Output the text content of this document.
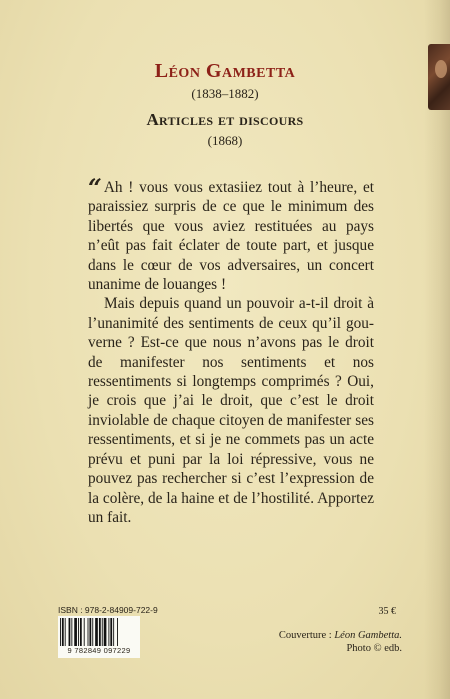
Léon Gambetta
(1838–1882)
Articles et discours
(1868)

“ Ah ! vous vous extasiiez tout à l’heure, et paraissiez surpris de ce que le minimum des libertés que vous aviez restituées au pays n’eût pas fait éclater de toute part, et jusque dans le cœur de vos adversaires, un concert unanime de louanges !

Mais depuis quand un pouvoir a-t-il droit à l’unanimité des sentiments de ceux qu’il gouverne ? Est-ce que nous n’avons pas le droit de manifester nos sentiments et nos ressentiments si longtemps comprimés ? Oui, je crois que j’ai le droit, que c’est le droit inviolable de chaque citoyen de manifester ses ressentiments, et si je ne commets pas un acte prévu et puni par la loi répressive, vous ne pouvez pas rechercher si c’est l’expression de la colère, de la haine et de l’hostilité. Apportez un fait.

ISBN : 978-2-84909-722-9
9 782849 097229
35 €
Couverture : Léon Gambetta.
Photo © edb.
